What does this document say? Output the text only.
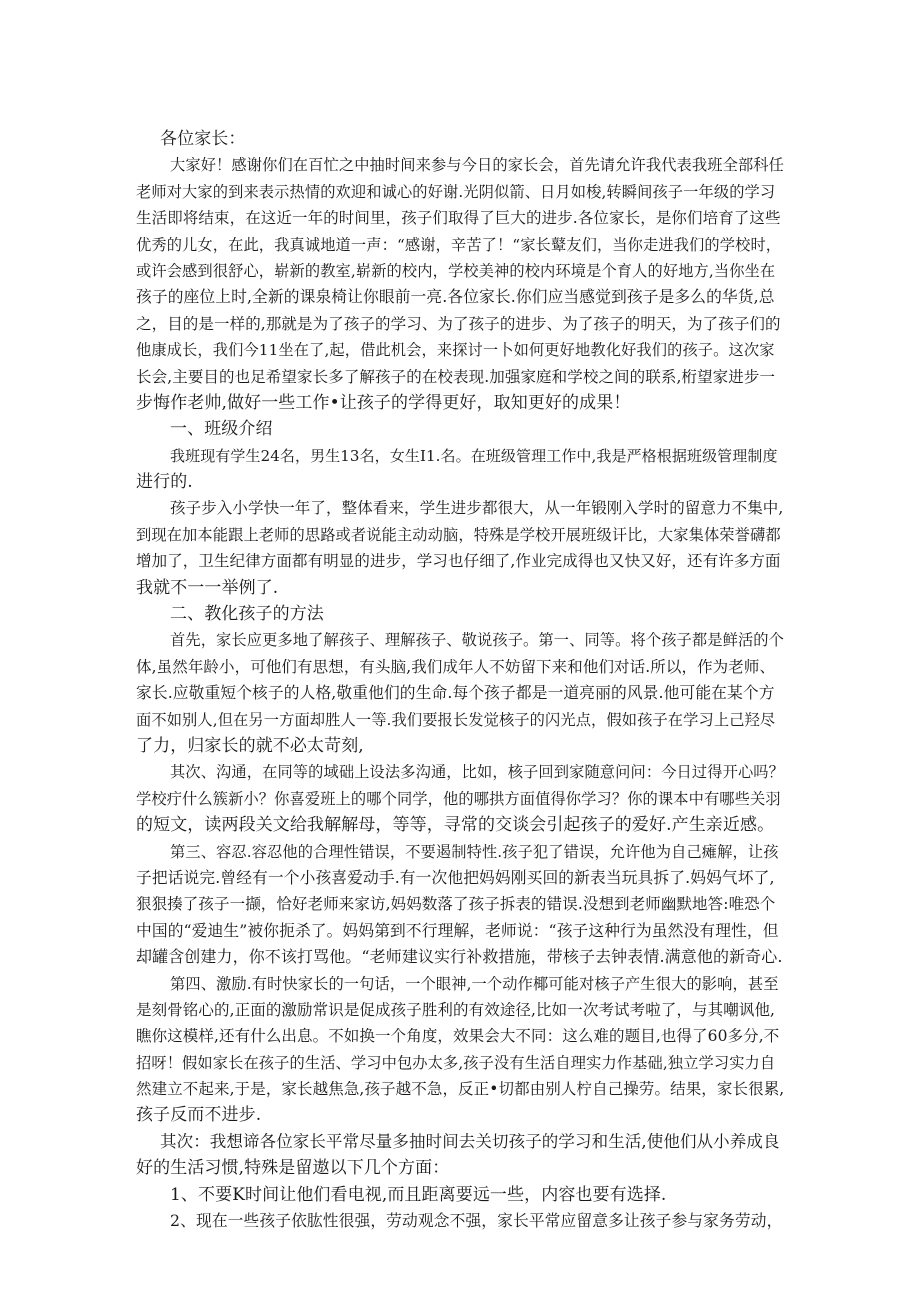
各位家长：
大家好！感谢你们在百忙之中抽时间来参与今日的家长会，首先请允许我代表我班全部科任
老师对大家的到来表示热情的欢迎和诚心的好谢.光阴似箭、日月如梭,转瞬间孩子一年级的学习
生活即将结束，在这近一年的时间里，孩子们取得了巨大的进步.各位家长，是你们培育了这些
优秀的儿女，在此，我真诚地道一声：“感谢，辛苦了！“家长鼙友们，当你走进我们的学校时，
或许会感到很舒心，崭新的教室,崭新的校内，学校美神的校内环境是个育人的好地方,当你坐在
孩子的座位上时,全新的课泉椅让你眼前一亮.各位家长.你们应当感觉到孩子是多么的华货,总
之，目的是一样的,那就是为了孩子的学习、为了孩子的进步、为了孩子的明天，为了孩子们的
他康成长，我们今11坐在了,起，借此机会，来探讨一卜如何更好地教化好我们的孩子。这次家
长会,主要目的也足希望家长多了解孩子的在校表现.加强家庭和学校之间的联系,桁望家进步一
步悔作老帅,做好一些工作•让孩子的学得更好，取知更好的成果！
一、班级介绍
我班现有学生24名，男生13名，女生I1.名。在班级管理工作中,我是严格根据班级管理制度
进行的.
孩子步入小学快一年了，整体看来，学生进步都很大，从一年锻刚入学时的留意力不集中,
到现在加本能跟上老师的思路或者说能主动动脑，特殊是学校开展班级讦比，大家集体荣誉礴都
增加了，卫生纪律方面都有明显的进步，学习也仔细了,作业完成得也又快又好，还有许多方面
我就不一一举例了.
二、教化孩子的方法
首先，家长应更多地了解孩子、理解孩子、敬说孩子。第一、同等。将个孩子都是鲜活的个
体,虽然年龄小，可他们有思想，有头脑,我们成年人不妨留下来和他们对话.所以，作为老师、
家长.应敬重短个核子的人格,敬重他们的生命.每个孩子都是一道亮丽的风景.他可能在某个方
面不如别人,但在另一方面却胜人一等.我们要报长发觉核子的闪光点，假如孩子在学习上己羟尽
了力，归家长的就不必太苛刻,
其次、沟通，在同等的域础上设法多沟通，比如，核子回到家随意问问：今日过得开心吗？
学校疔什么簇新小？你喜爱班上的哪个同学，他的哪拱方面值得你学习？你的课本中有哪些关羽
的短文，读两段关文给我解解母，等等，寻常的交谈会引起孩子的爱好.产生亲近感。
第三、容忍.容忍他的合理性错误，不要遏制特性.孩子犯了错误，允许他为自己瘫解，让孩
子把话说完.曾经有一个小孩喜爱动手.有一次他把妈妈刚买回的新表当玩具拆了.妈妈气坏了,
狠狠揍了孩子一撷，恰好老师来家访,妈妈数落了孩子拆表的错误.没想到老师幽默地答:唯恐个
中国的“爱迪生”被你扼杀了。妈妈第到不行理解，老师说：“孩子这种行为虽然没有理性，但
却罐含创建力，你不该打骂他。“老师建议实行补救措施，带核子去钟表情.满意他的新奇心.
第四、激励.有时快家长的一句话，一个眼神,一个动作椰可能对核子产生很大的影响，甚至
是刻骨铭心的,正面的激励常识是促成孩子胜利的有效途径,比如一次考试考啦了，与其嘲讽他,
瞧你这模样,还有什么出息。不如换一个角度，效果会大不同：这么难的题目,也得了60多分,不
招呀！假如家长在孩子的生活、学习中包办太多,孩子没有生活自理实力作基础,独立学习实力自
然建立不起来,于是，家长越焦急,孩子越不急，反正•切都由别人柠自己操劳。结果，家长很累,
孩子反而不进步.
其次：我想谛各位家长平常尽量多抽时间去关切孩子的学习和生活,使他们从小养成良
好的生活习惯,特殊是留遨以下几个方面：
1、不要K时间让他们看电视,而且距离要远一些，内容也要有选择.
2、现在一些孩子依肱性很强，劳动观念不强，家长平常应留意多让孩子参与家务劳动，
